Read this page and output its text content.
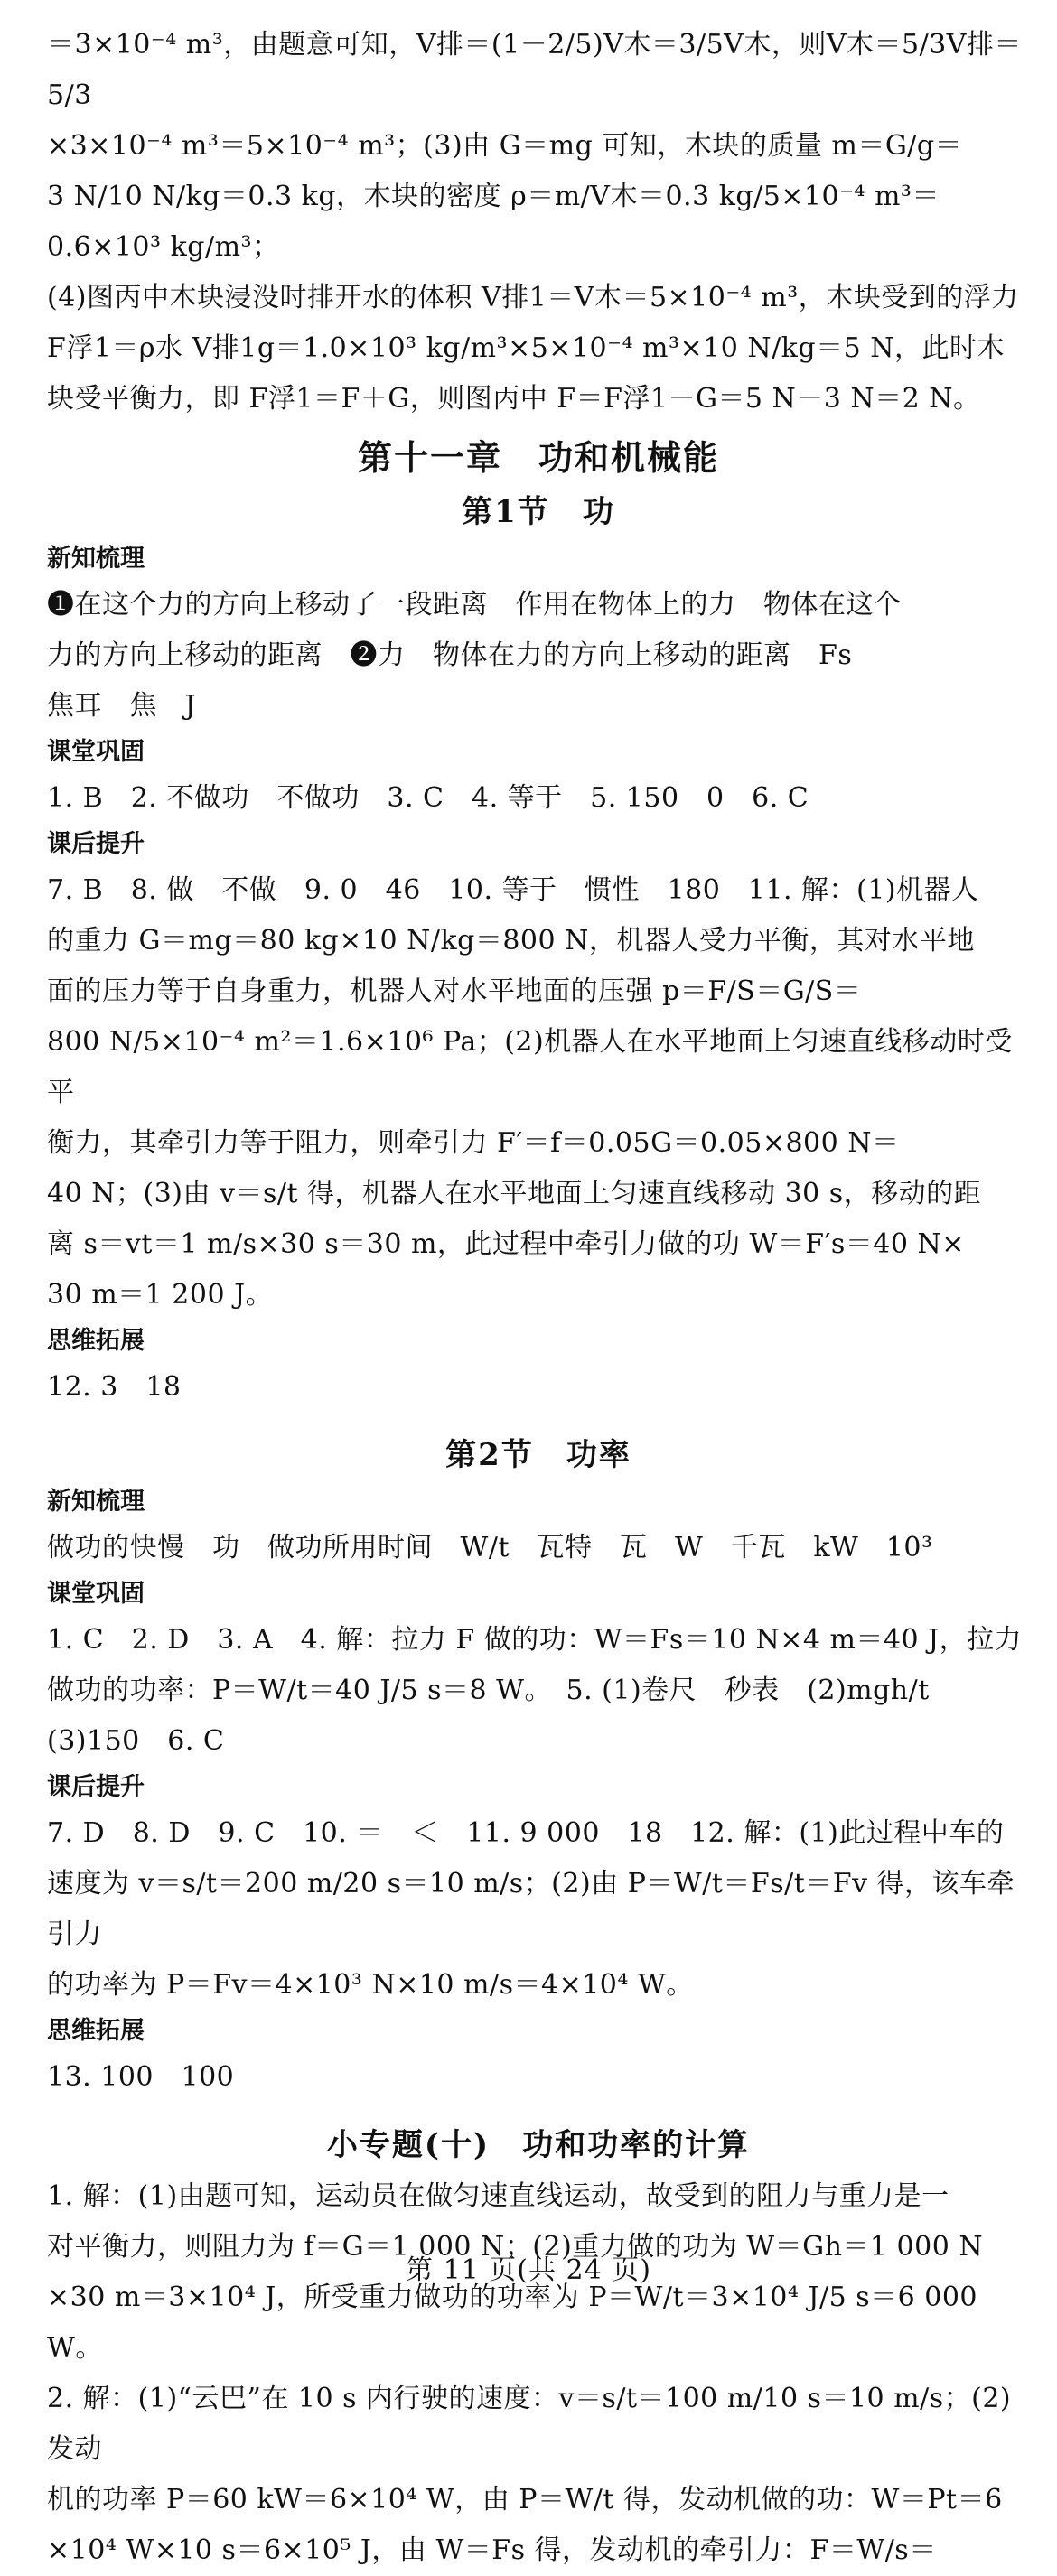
＝3×10⁻⁴ m³，由题意可知，V排＝(1－2/5)V木＝3/5V木，则V木＝5/3V排＝5/3

×3×10⁻⁴ m³＝5×10⁻⁴ m³；(3)由 G＝mg 可知，木块的质量 m＝G/g＝

3 N/10 N/kg＝0.3 kg，木块的密度 ρ＝m/V木＝0.3 kg/5×10⁻⁴ m³＝0.6×10³ kg/m³；

(4)图丙中木块浸没时排开水的体积 V排1＝V木＝5×10⁻⁴ m³，木块受到的浮力

F浮1＝ρ水 V排1g＝1.0×10³ kg/m³×5×10⁻⁴ m³×10 N/kg＝5 N，此时木

块受平衡力，即 F浮1＝F＋G，则图丙中 F＝F浮1－G＝5 N－3 N＝2 N。

第十一章　功和机械能
第1节　功

新知梳理

❶在这个力的方向上移动了一段距离　作用在物体上的力　物体在这个

力的方向上移动的距离　❷力　物体在力的方向上移动的距离　Fs

焦耳　焦　J

课堂巩固

1. B　2. 不做功　不做功　3. C　4. 等于　5. 150　0　6. C

课后提升

7. B　8. 做　不做　9. 0　46　10. 等于　惯性　180　11. 解：(1)机器人

的重力 G＝mg＝80 kg×10 N/kg＝800 N，机器人受力平衡，其对水平地

面的压力等于自身重力，机器人对水平地面的压强 p＝F/S＝G/S＝

800 N/5×10⁻⁴ m²＝1.6×10⁶ Pa；(2)机器人在水平地面上匀速直线移动时受平

衡力，其牵引力等于阻力，则牵引力 F′＝f＝0.05G＝0.05×800 N＝

40 N；(3)由 v＝s/t 得，机器人在水平地面上匀速直线移动 30 s，移动的距

离 s＝vt＝1 m/s×30 s＝30 m，此过程中牵引力做的功 W＝F′s＝40 N×

30 m＝1 200 J。

思维拓展

12. 3　18

第2节　功率

新知梳理

做功的快慢　功　做功所用时间　W/t　瓦特　瓦　W　千瓦　kW　10³

课堂巩固

1. C　2. D　3. A　4. 解：拉力 F 做的功：W＝Fs＝10 N×4 m＝40 J，拉力

做功的功率：P＝W/t＝40 J/5 s＝8 W。　5. (1)卷尺　秒表　(2)mgh/t

(3)150　6. C

课后提升

7. D　8. D　9. C　10. ＝　＜　11. 9 000　18　12. 解：(1)此过程中车的

速度为 v＝s/t＝200 m/20 s＝10 m/s；(2)由 P＝W/t＝Fs/t＝Fv 得，该车牵引力

的功率为 P＝Fv＝4×10³ N×10 m/s＝4×10⁴ W。

思维拓展

13. 100　100

小专题(十)　功和功率的计算

1. 解：(1)由题可知，运动员在做匀速直线运动，故受到的阻力与重力是一

对平衡力，则阻力为 f＝G＝1 000 N；(2)重力做的功为 W＝Gh＝1 000 N

×30 m＝3×10⁴ J，所受重力做功的功率为 P＝W/t＝3×10⁴ J/5 s＝6 000 W。

2. 解：(1)“云巴”在 10 s 内行驶的速度：v＝s/t＝100 m/10 s＝10 m/s；(2)发动

机的功率 P＝60 kW＝6×10⁴ W，由 P＝W/t 得，发动机做的功：W＝Pt＝6

×10⁴ W×10 s＝6×10⁵ J，由 W＝Fs 得，发动机的牵引力：F＝W/s＝

第 11 页(共 24 页)
